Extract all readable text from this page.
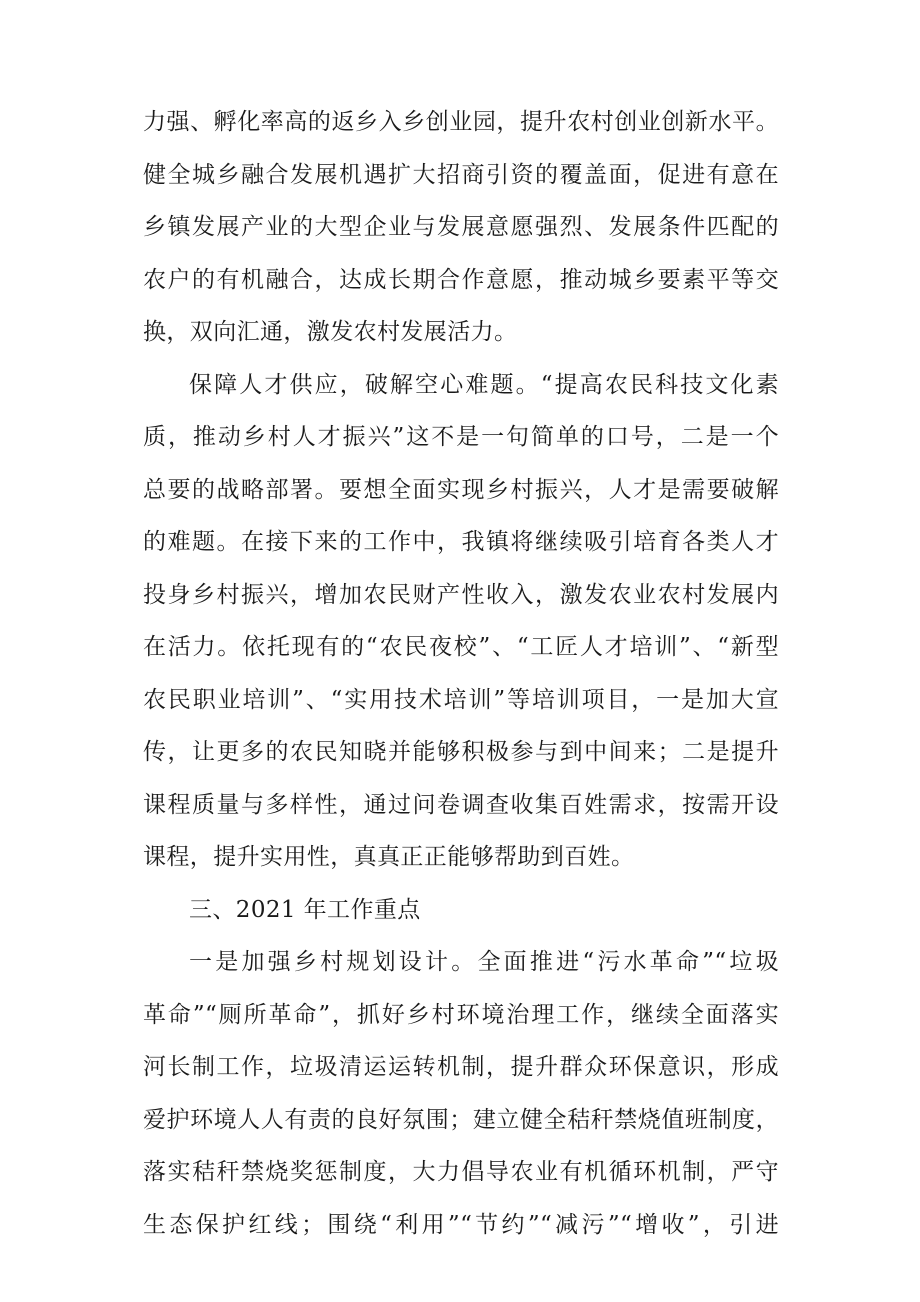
力强、孵化率高的返乡入乡创业园，提升农村创业创新水平。
健全城乡融合发展机遇扩大招商引资的覆盖面，促进有意在
乡镇发展产业的大型企业与发展意愿强烈、发展条件匹配的
农户的有机融合，达成长期合作意愿，推动城乡要素平等交
换，双向汇通，激发农村发展活力。
保障人才供应，破解空心难题。“提高农民科技文化素
质，推动乡村人才振兴”这不是一句简单的口号，二是一个
总要的战略部署。要想全面实现乡村振兴，人才是需要破解
的难题。在接下来的工作中，我镇将继续吸引培育各类人才
投身乡村振兴，增加农民财产性收入，激发农业农村发展内
在活力。依托现有的“农民夜校”、“工匠人才培训”、“新型
农民职业培训”、“实用技术培训”等培训项目，一是加大宣
传，让更多的农民知晓并能够积极参与到中间来；二是提升
课程质量与多样性，通过问卷调查收集百姓需求，按需开设
课程，提升实用性，真真正正能够帮助到百姓。
三、2021 年工作重点
一是加强乡村规划设计。全面推进“污水革命”“垃圾
革命”“厕所革命”，抓好乡村环境治理工作，继续全面落实
河长制工作，垃圾清运运转机制，提升群众环保意识，形成
爱护环境人人有责的良好氛围；建立健全秸秆禁烧值班制度，
落实秸秆禁烧奖惩制度，大力倡导农业有机循环机制，严守
生态保护红线；围绕“利用”“节约”“减污”“增收”，引进
